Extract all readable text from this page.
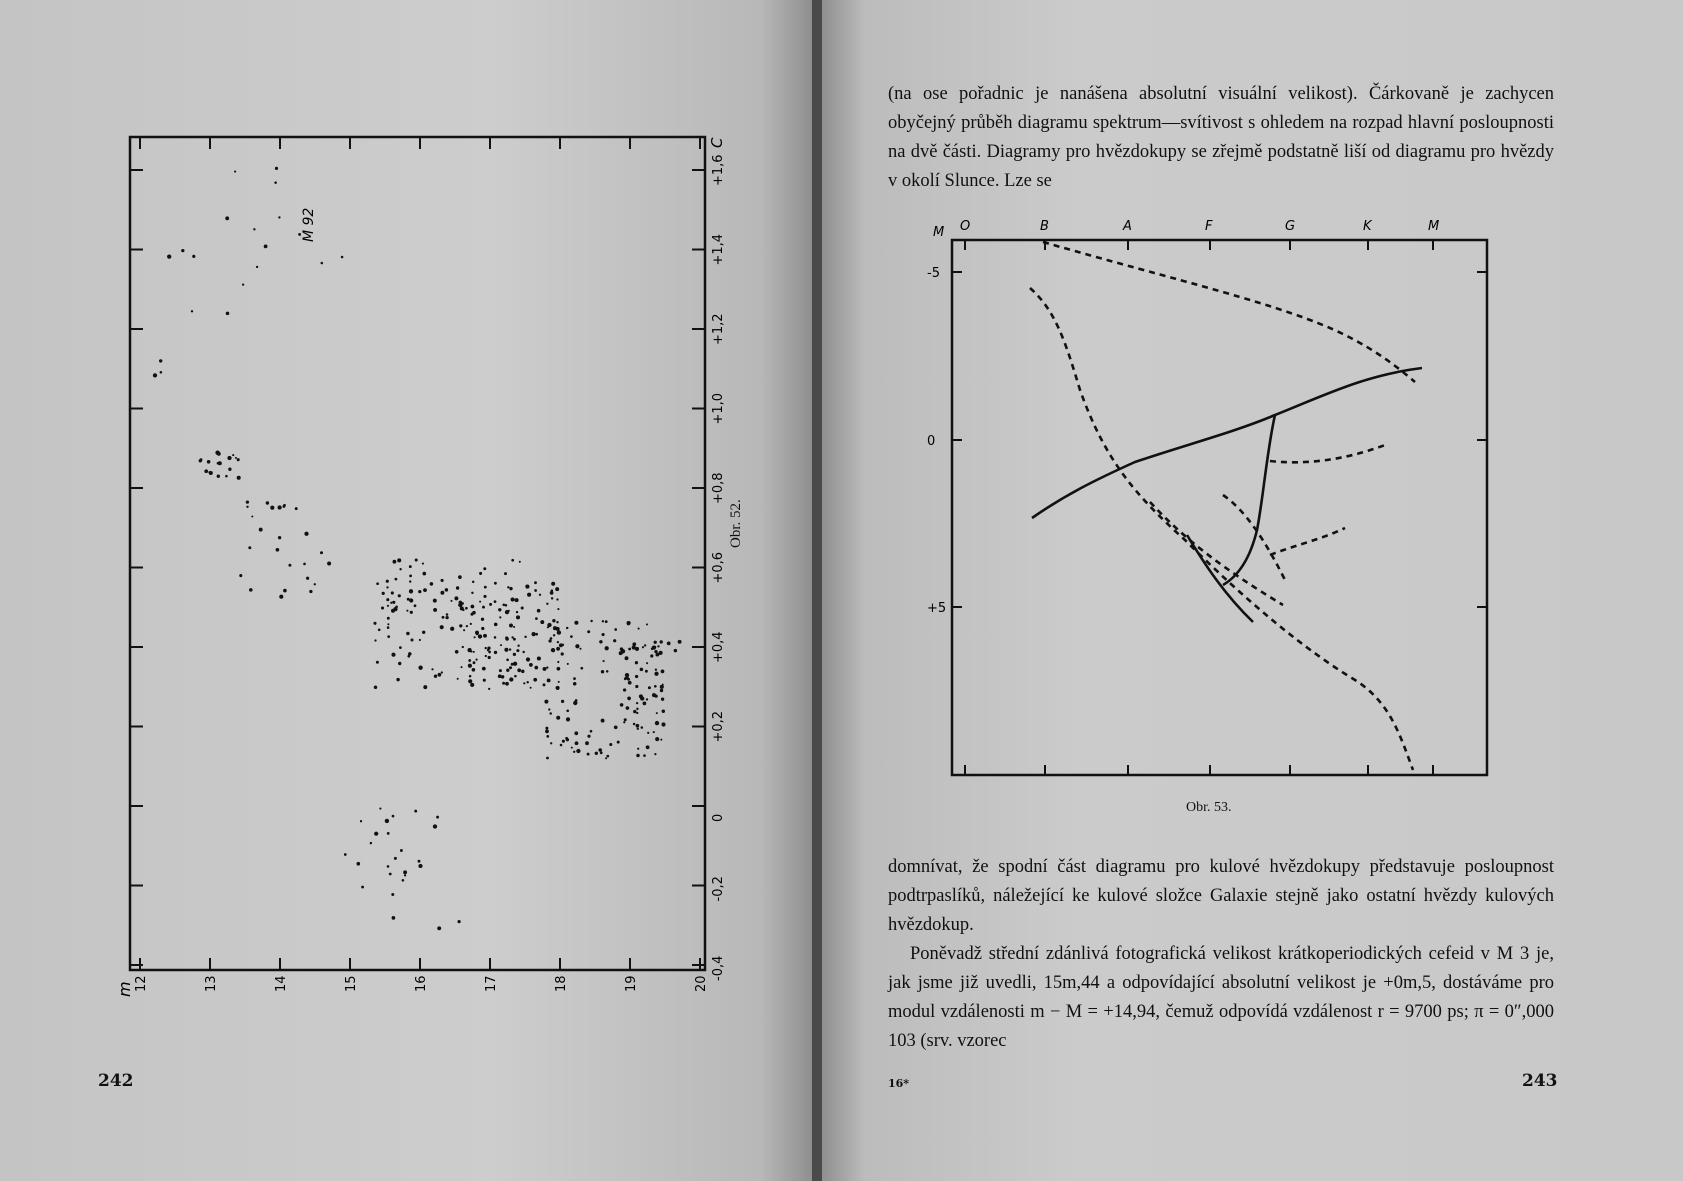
+1,6
+1,4
+1,2
+1,0
+0,8
+0,6
+0,4
+0,2
0
-0,2
-0,4
12	13	14	15	16	17	18	19	20
M 92
C
m
Obr. 52.
242

(na ose pořadnic je nanášena absolutní visuální velikost). Čárkovaně je zachycen obyčejný průběh diagramu spektrum—svítivost s ohledem na rozpad hlavní posloupnosti na dvě části. Diagramy pro hvězdokupy se zřejmě podstatně liší od diagramu pro hvězdy v okolí Slunce. Lze se

O	B	A	F	G	K	M
-5
0
+5
M
Obr. 53.

domnívat, že spodní část diagramu pro kulové hvězdokupy představuje posloupnost podtrpaslíků, náležející ke kulové složce Galaxie stejně jako ostatní hvězdy kulových hvězdokup.

Poněvadž střední zdánlivá fotografická velikost krátkoperiodických cefeid v M 3 je, jak jsme již uvedli, 15m,44 a odpovídající absolutní velikost je +0m,5, dostáváme pro modul vzdálenosti m − M = +14,94, čemuž odpovídá vzdálenost r = 9700 ps; π = 0″,000 103 (srv. vzorec

16*	243
